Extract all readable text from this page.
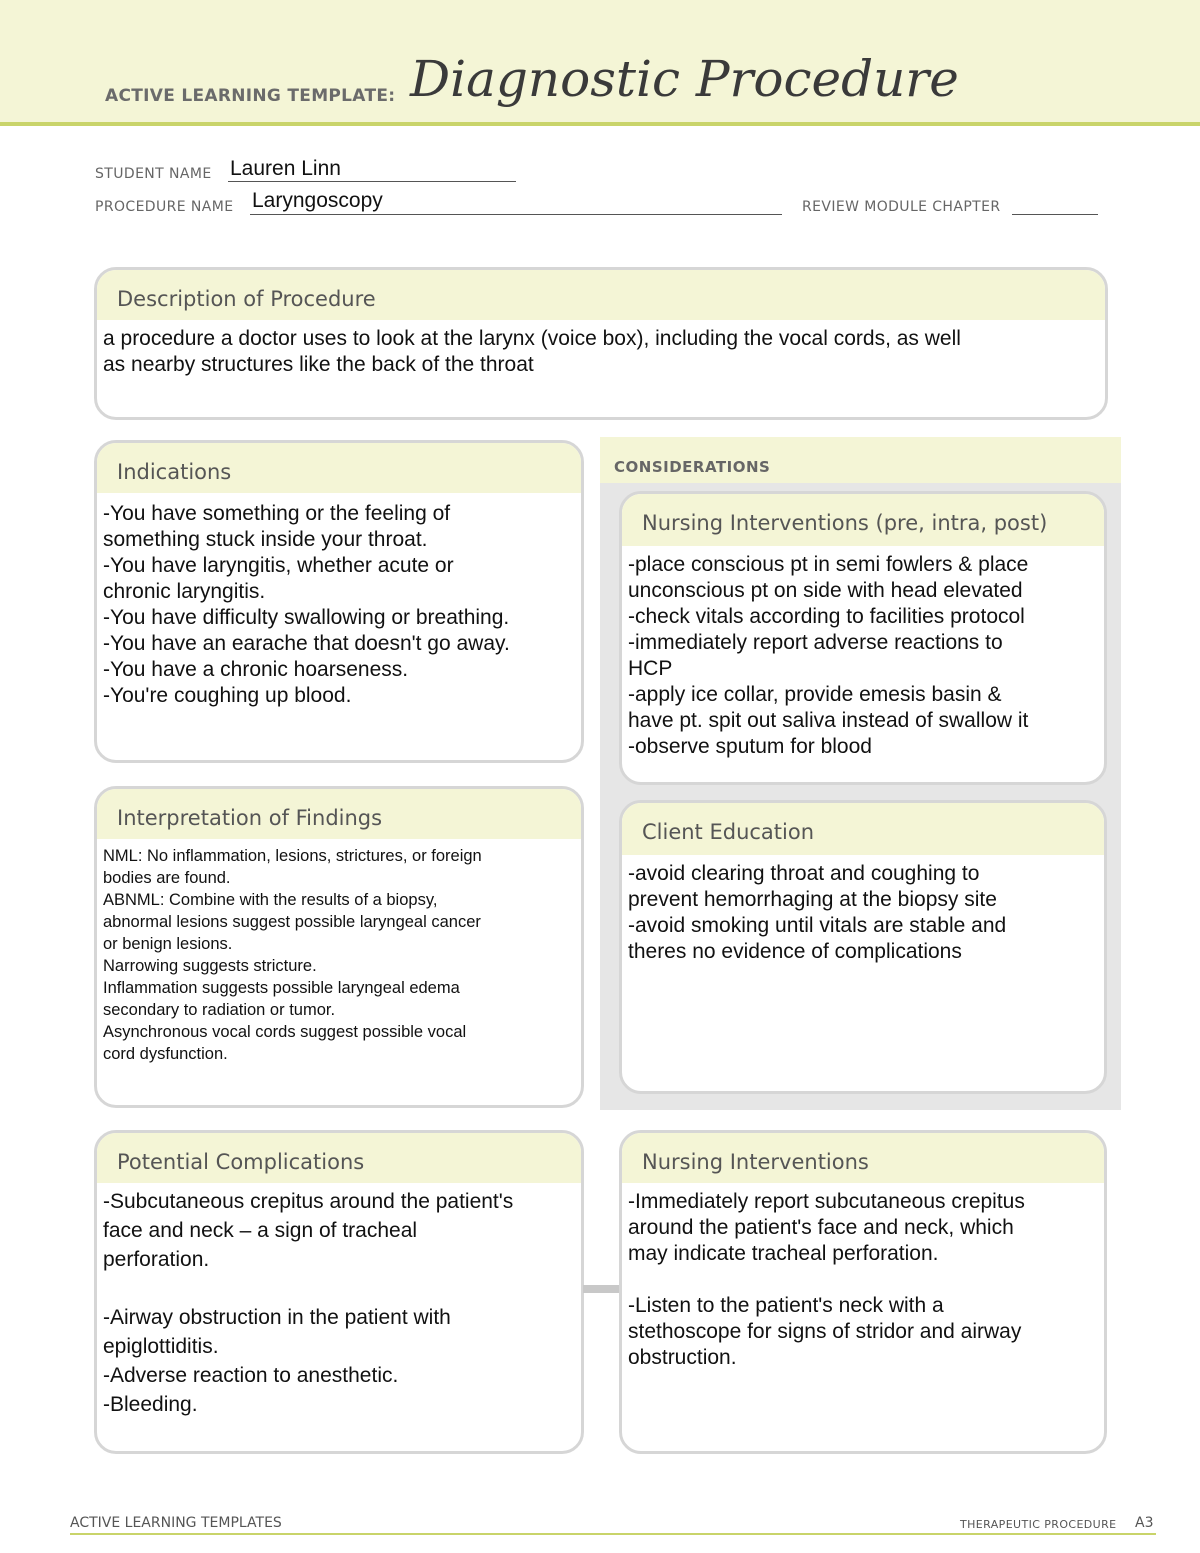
ACTIVE LEARNING TEMPLATE: Diagnostic Procedure
STUDENT NAME Lauren Linn
PROCEDURE NAME Laryngoscopy	REVIEW MODULE CHAPTER
Description of Procedure
a procedure a doctor uses to look at the larynx (voice box), including the vocal cords, as well
as nearby structures like the back of the throat
CONSIDERATIONS
Indications
-You have something or the feeling of
something stuck inside your throat.
-You have laryngitis, whether acute or
chronic laryngitis.
-You have difficulty swallowing or breathing.
-You have an earache that doesn't go away.
-You have a chronic hoarseness.
-You're coughing up blood.
Nursing Interventions (pre, intra, post)
-place conscious pt in semi fowlers & place
unconscious pt on side with head elevated
-check vitals according to facilities protocol
-immediately report adverse reactions to
HCP
-apply ice collar, provide emesis basin &
have pt. spit out saliva instead of swallow it
-observe sputum for blood
Interpretation of Findings
NML: No inflammation, lesions, strictures, or foreign
bodies are found.
ABNML: Combine with the results of a biopsy,
abnormal lesions suggest possible laryngeal cancer
or benign lesions.
Narrowing suggests stricture.
Inflammation suggests possible laryngeal edema
secondary to radiation or tumor.
Asynchronous vocal cords suggest possible vocal
cord dysfunction.
Client Education
-avoid clearing throat and coughing to
prevent hemorrhaging at the biopsy site
-avoid smoking until vitals are stable and
theres no evidence of complications
Potential Complications
-Subcutaneous crepitus around the patient's
face and neck – a sign of tracheal
perforation.

-Airway obstruction in the patient with
epiglottiditis.
-Adverse reaction to anesthetic.
-Bleeding.
Nursing Interventions
-Immediately report subcutaneous crepitus
around the patient's face and neck, which
may indicate tracheal perforation.

-Listen to the patient's neck with a
stethoscope for signs of stridor and airway
obstruction.
ACTIVE LEARNING TEMPLATES	THERAPEUTIC PROCEDURE A3
